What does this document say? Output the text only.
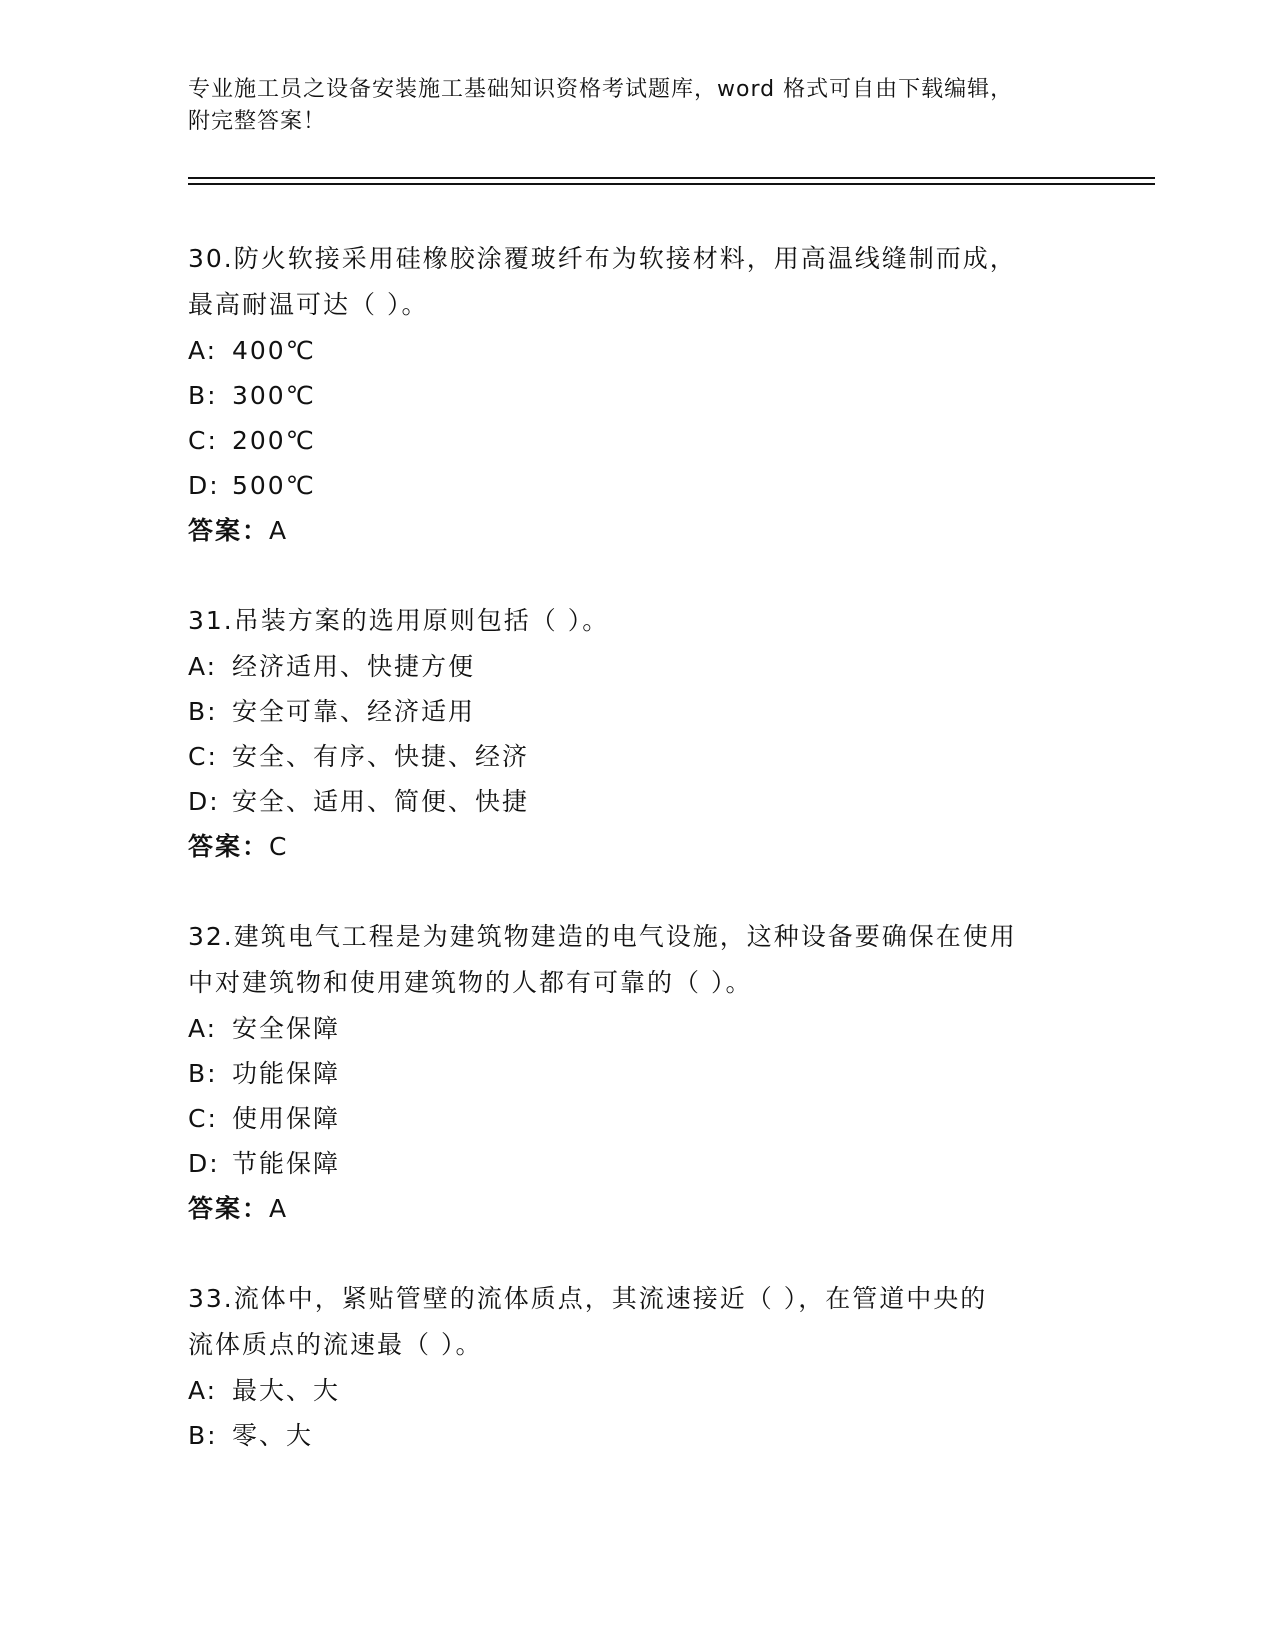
专业施工员之设备安装施工基础知识资格考试题库，word 格式可自由下载编辑，
附完整答案！
30.防火软接采用硅橡胶涂覆玻纤布为软接材料，用高温线缝制而成，
最高耐温可达（ ）。
A: 400℃
B: 300℃
C: 200℃
D: 500℃
答案：A
31.吊装方案的选用原则包括（ ）。
A: 经济适用、快捷方便
B: 安全可靠、经济适用
C: 安全、有序、快捷、经济
D: 安全、适用、简便、快捷
答案：C
32.建筑电气工程是为建筑物建造的电气设施，这种设备要确保在使用
中对建筑物和使用建筑物的人都有可靠的（ ）。
A: 安全保障
B: 功能保障
C: 使用保障
D: 节能保障
答案：A
33.流体中，紧贴管壁的流体质点，其流速接近（ ），在管道中央的
流体质点的流速最（ ）。
A: 最大、大
B: 零、大
